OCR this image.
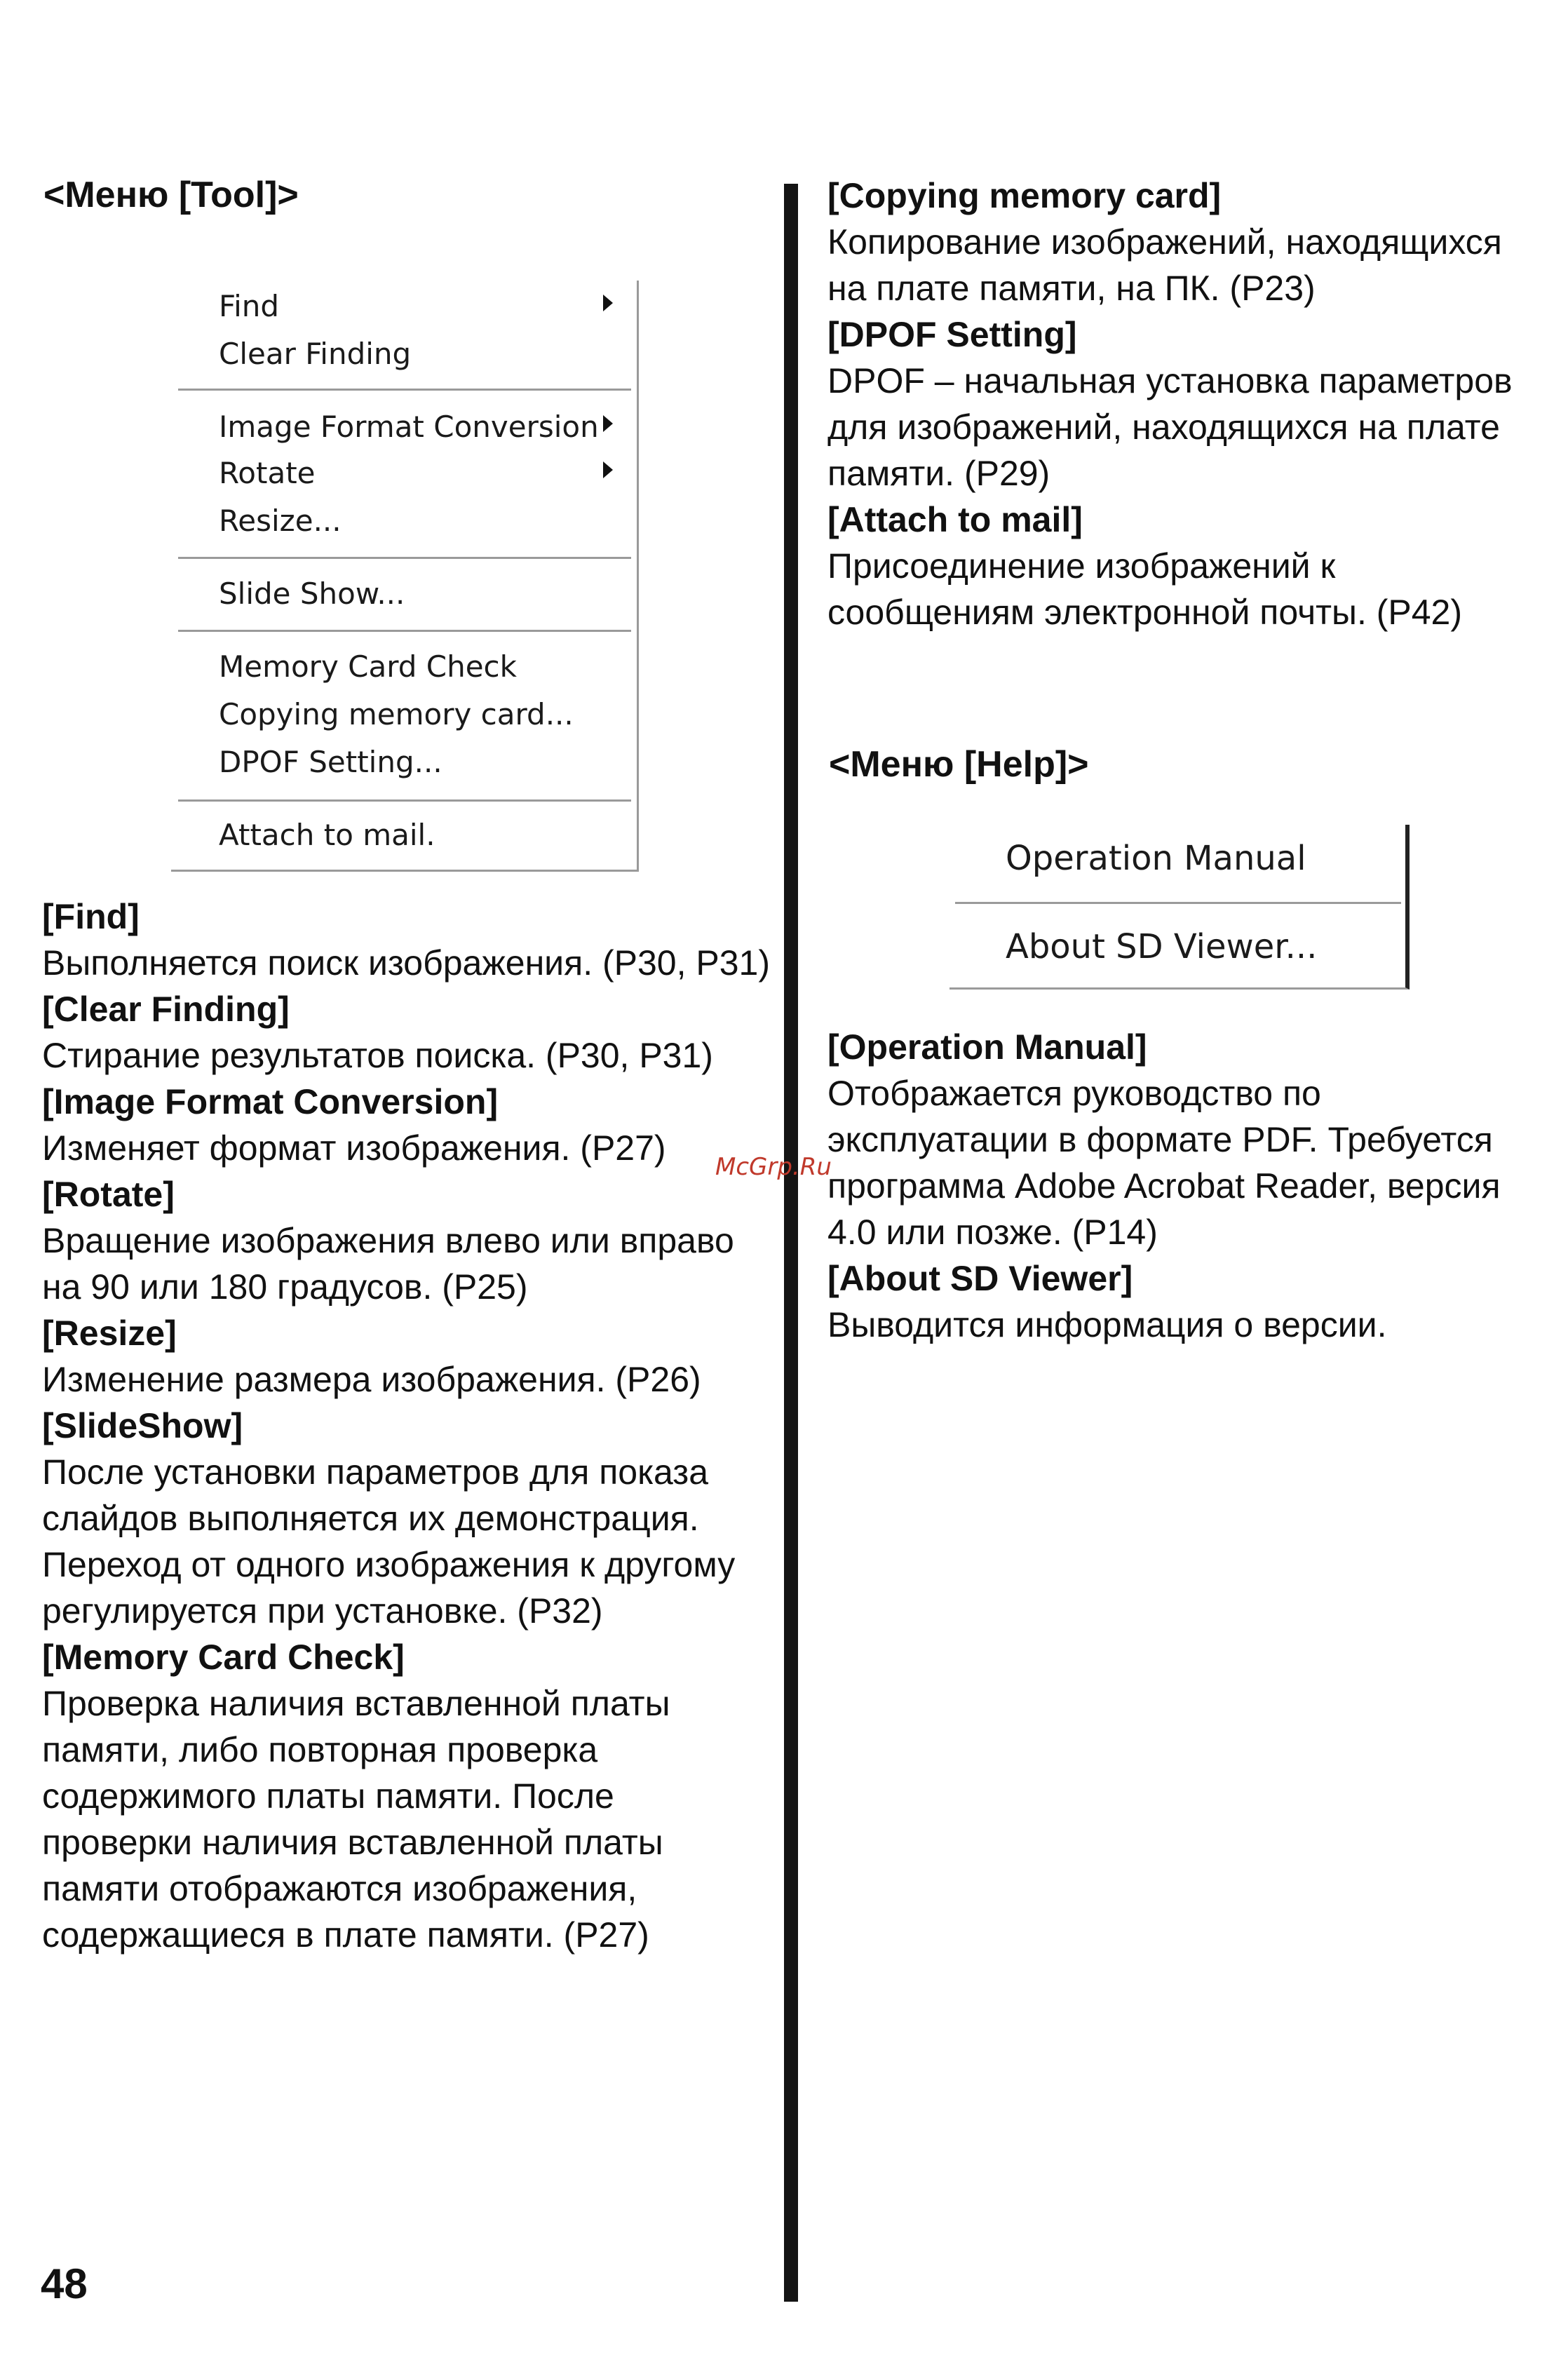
<Меню [Tool]>
Find
Clear Finding
Image Format Conversion
Rotate
Resize...
Slide Show...
Memory Card Check
Copying memory card...
DPOF Setting...
Attach to mail.
[Find]
Выполняется поиск изображения. (P30, P31)
[Clear Finding]
Стирание результатов поиска. (P30, P31)
[Image Format Conversion]
Изменяет формат изображения. (P27)
[Rotate]
Вращение изображения влево или вправо на 90 или 180 градусов. (P25)
[Resize]
Изменение размера изображения. (P26)
[SlideShow]
После установки параметров для показа слайдов выполняется их демонстрация. Переход от одного изображения к другому регулируется при установке. (P32)
[Memory Card Check]
Проверка наличия вставленной платы памяти, либо повторная проверка содержимого платы памяти. После проверки наличия вставленной платы памяти отображаются изображения, содержащиеся в плате памяти. (P27)
[Copying memory card]
Копирование изображений, находящихся на плате памяти, на ПК. (P23)
[DPOF Setting]
DPOF – начальная установка параметров для изображений, находящихся на плате памяти. (P29)
[Attach to mail]
Присоединение изображений к сообщениям электронной почты. (P42)
<Меню [Help]>
Operation Manual
About SD Viewer...
[Operation Manual]
Отображается руководство по эксплуатации в формате PDF. Требуется программа Adobe Acrobat Reader, версия 4.0 или позже. (P14)
[About SD Viewer]
Выводится информация о версии.
McGrp.Ru
48
